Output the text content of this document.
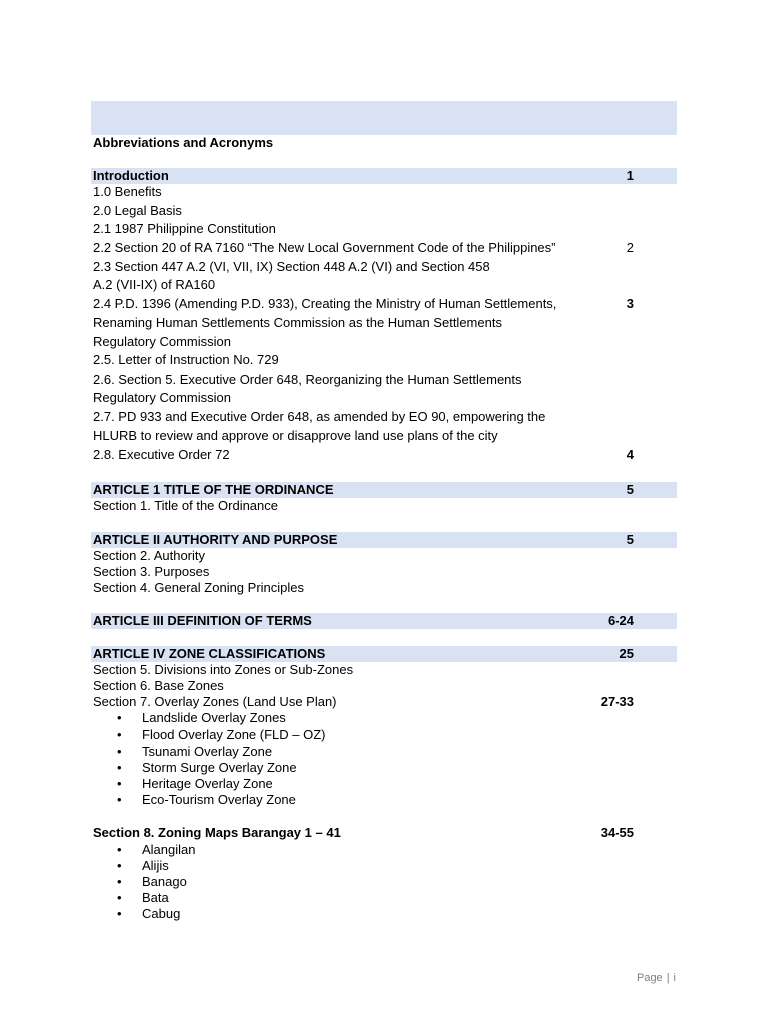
Abbreviations and Acronyms
Introduction	1
1.0 Benefits
2.0 Legal Basis
2.1 1987 Philippine Constitution
2.2 Section 20 of RA 7160 “The New Local Government Code of the Philippines”	2
2.3 Section 447 A.2 (VI, VII, IX) Section 448 A.2 (VI) and Section 458
A.2 (VII-IX) of RA160
2.4 P.D. 1396 (Amending P.D. 933), Creating the Ministry of Human Settlements,	3
Renaming Human Settlements Commission as the Human Settlements
Regulatory Commission
2.5. Letter of Instruction No. 729
2.6. Section 5. Executive Order 648, Reorganizing the Human Settlements
Regulatory Commission
2.7. PD 933 and Executive Order 648, as amended by EO 90, empowering the
HLURB to review and approve or disapprove land use plans of the city
2.8. Executive Order 72	4
ARTICLE 1 TITLE OF THE ORDINANCE	5
Section 1. Title of the Ordinance
ARTICLE II AUTHORITY AND PURPOSE	5
Section 2. Authority
Section 3. Purposes
Section 4. General Zoning Principles
ARTICLE III DEFINITION OF TERMS	6-24
ARTICLE IV ZONE CLASSIFICATIONS	25
Section 5. Divisions into Zones or Sub-Zones
Section 6. Base Zones
Section 7. Overlay Zones (Land Use Plan)	27-33
• Landslide Overlay Zones
• Flood Overlay Zone (FLD – OZ)
• Tsunami Overlay Zone
• Storm Surge Overlay Zone
• Heritage Overlay Zone
• Eco-Tourism Overlay Zone
Section 8. Zoning Maps Barangay 1 – 41	34-55
• Alangilan
• Alijis
• Banago
• Bata
• Cabug
Page | i
